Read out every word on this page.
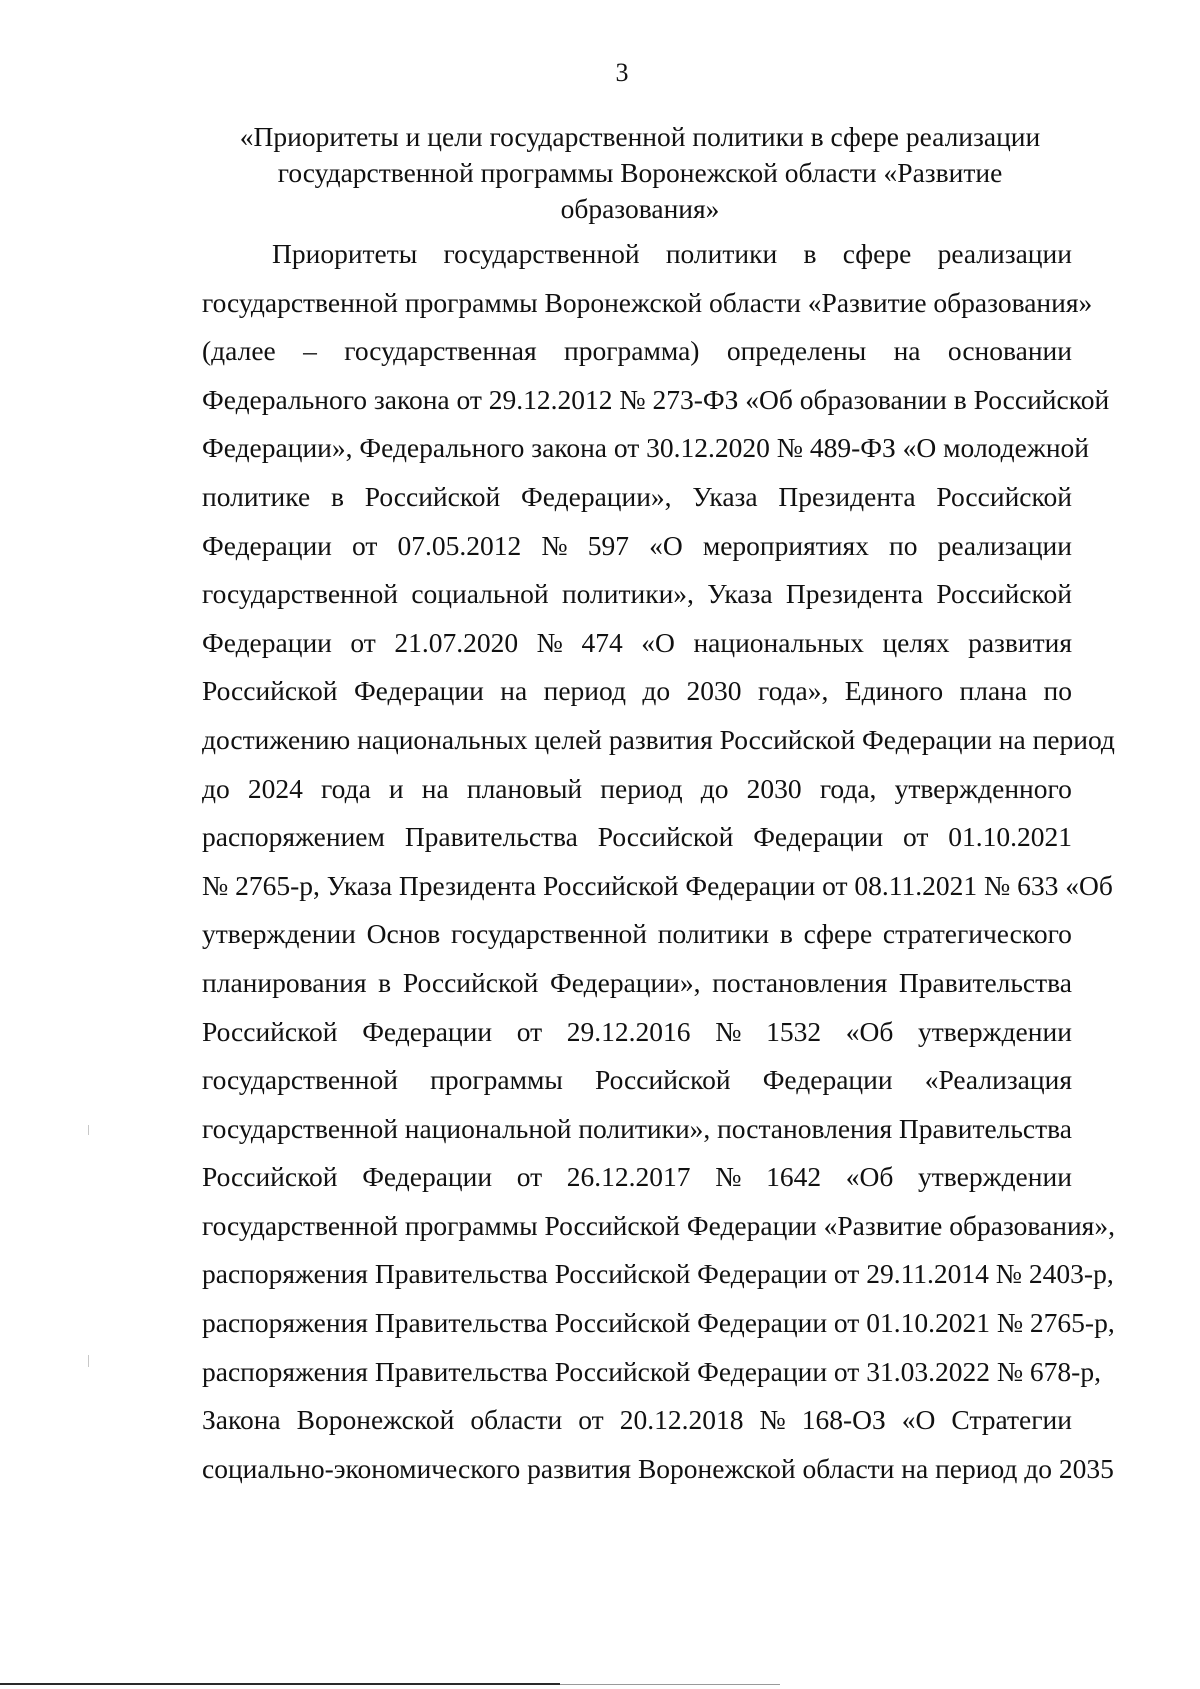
3
«Приоритеты и цели государственной политики в сфере реализации
государственной программы Воронежской области «Развитие образования»
Приоритеты государственной политики в сфере реализации
государственной программы Воронежской области «Развитие образования»
(далее – государственная программа) определены на основании
Федерального закона от 29.12.2012 № 273-ФЗ «Об образовании в Российской
Федерации», Федерального закона от 30.12.2020 № 489-ФЗ «О молодежной
политике в Российской Федерации», Указа Президента Российской
Федерации от 07.05.2012 № 597 «О мероприятиях по реализации
государственной социальной политики», Указа Президента Российской
Федерации от 21.07.2020 № 474 «О национальных целях развития
Российской Федерации на период до 2030 года», Единого плана по
достижению национальных целей развития Российской Федерации на период
до 2024 года и на плановый период до 2030 года, утвержденного
распоряжением Правительства Российской Федерации от 01.10.2021
№ 2765-р, Указа Президента Российской Федерации от 08.11.2021 № 633 «Об
утверждении Основ государственной политики в сфере стратегического
планирования в Российской Федерации», постановления Правительства
Российской Федерации от 29.12.2016 № 1532 «Об утверждении
государственной программы Российской Федерации «Реализация
государственной национальной политики», постановления Правительства
Российской Федерации от 26.12.2017 № 1642 «Об утверждении
государственной программы Российской Федерации «Развитие образования»,
распоряжения Правительства Российской Федерации от 29.11.2014 № 2403-р,
распоряжения Правительства Российской Федерации от 01.10.2021 № 2765-р,
распоряжения Правительства Российской Федерации от 31.03.2022 № 678-р,
Закона Воронежской области от 20.12.2018 № 168-ОЗ «О Стратегии
социально-экономического развития Воронежской области на период до 2035
